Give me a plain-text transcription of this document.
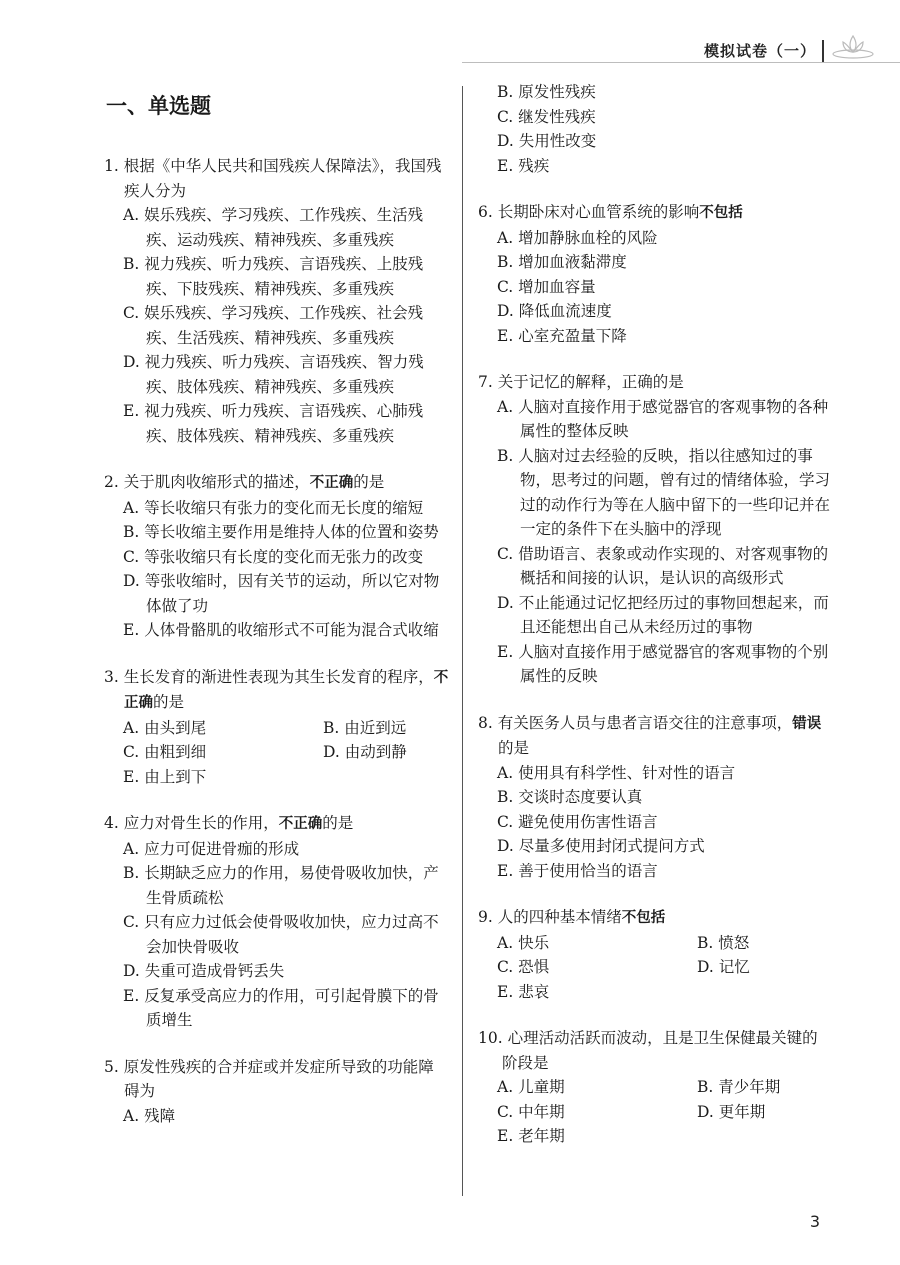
模拟试卷（一）
一、单选题
1. 根据《中华人民共和国残疾人保障法》，我国残疾人分为
A. 娱乐残疾、学习残疾、工作残疾、生活残疾、运动残疾、精神残疾、多重残疾
B. 视力残疾、听力残疾、言语残疾、上肢残疾、下肢残疾、精神残疾、多重残疾
C. 娱乐残疾、学习残疾、工作残疾、社会残疾、生活残疾、精神残疾、多重残疾
D. 视力残疾、听力残疾、言语残疾、智力残疾、肢体残疾、精神残疾、多重残疾
E. 视力残疾、听力残疾、言语残疾、心肺残疾、肢体残疾、精神残疾、多重残疾
2. 关于肌肉收缩形式的描述，不正确的是
A. 等长收缩只有张力的变化而无长度的缩短
B. 等长收缩主要作用是维持人体的位置和姿势
C. 等张收缩只有长度的变化而无张力的改变
D. 等张收缩时，因有关节的运动，所以它对物体做了功
E. 人体骨骼肌的收缩形式不可能为混合式收缩
3. 生长发育的渐进性表现为其生长发育的程序，不正确的是
A. 由头到尾	B. 由近到远
C. 由粗到细	D. 由动到静
E. 由上到下
4. 应力对骨生长的作用，不正确的是
A. 应力可促进骨痂的形成
B. 长期缺乏应力的作用，易使骨吸收加快，产生骨质疏松
C. 只有应力过低会使骨吸收加快，应力过高不会加快骨吸收
D. 失重可造成骨钙丢失
E. 反复承受高应力的作用，可引起骨膜下的骨质增生
5. 原发性残疾的合并症或并发症所导致的功能障碍为
A. 残障
B. 原发性残疾
C. 继发性残疾
D. 失用性改变
E. 残疾
6. 长期卧床对心血管系统的影响不包括
A. 增加静脉血栓的风险
B. 增加血液黏滞度
C. 增加血容量
D. 降低血流速度
E. 心室充盈量下降
7. 关于记忆的解释，正确的是
A. 人脑对直接作用于感觉器官的客观事物的各种属性的整体反映
B. 人脑对过去经验的反映，指以往感知过的事物，思考过的问题，曾有过的情绪体验，学习过的动作行为等在人脑中留下的一些印记并在一定的条件下在头脑中的浮现
C. 借助语言、表象或动作实现的、对客观事物的概括和间接的认识，是认识的高级形式
D. 不止能通过记忆把经历过的事物回想起来，而且还能想出自己从未经历过的事物
E. 人脑对直接作用于感觉器官的客观事物的个别属性的反映
8. 有关医务人员与患者言语交往的注意事项，错误的是
A. 使用具有科学性、针对性的语言
B. 交谈时态度要认真
C. 避免使用伤害性语言
D. 尽量多使用封闭式提问方式
E. 善于使用恰当的语言
9. 人的四种基本情绪不包括
A. 快乐	B. 愤怒
C. 恐惧	D. 记忆
E. 悲哀
10. 心理活动活跃而波动，且是卫生保健最关键的阶段是
A. 儿童期	B. 青少年期
C. 中年期	D. 更年期
E. 老年期
3
